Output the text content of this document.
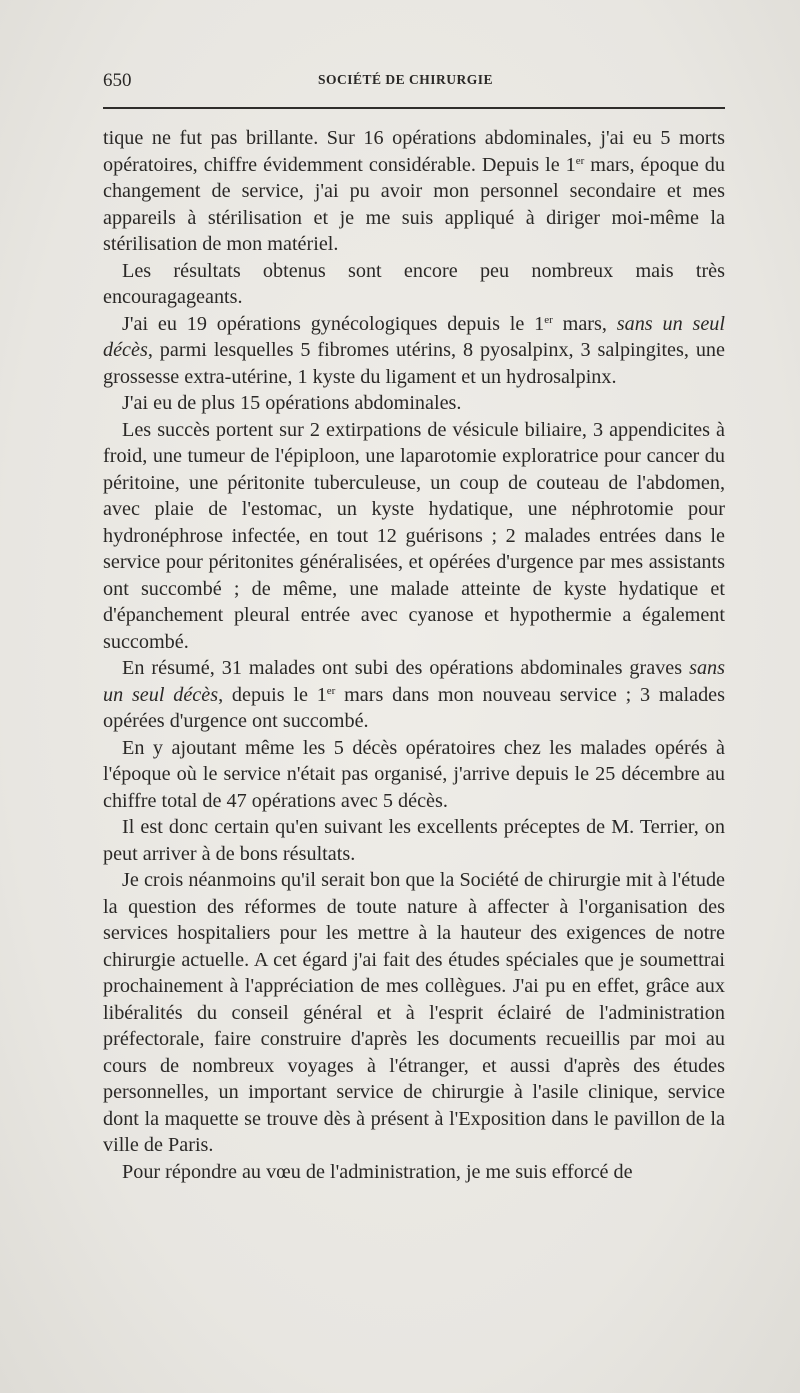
650	SOCIÉTÉ DE CHIRURGIE

tique ne fut pas brillante. Sur 16 opérations abdominales, j'ai eu 5 morts opératoires, chiffre évidemment considérable. Depuis le 1er mars, époque du changement de service, j'ai pu avoir mon personnel secondaire et mes appareils à stérilisation et je me suis appliqué à diriger moi-même la stérilisation de mon matériel.

Les résultats obtenus sont encore peu nombreux mais très encouragageants.

J'ai eu 19 opérations gynécologiques depuis le 1er mars, sans un seul décès, parmi lesquelles 5 fibromes utérins, 8 pyosalpinx, 3 salpingites, une grossesse extra-utérine, 1 kyste du ligament et un hydrosalpinx.

J'ai eu de plus 15 opérations abdominales.

Les succès portent sur 2 extirpations de vésicule biliaire, 3 appendicites à froid, une tumeur de l'épiploon, une laparotomie exploratrice pour cancer du péritoine, une péritonite tuberculeuse, un coup de couteau de l'abdomen, avec plaie de l'estomac, un kyste hydatique, une néphrotomie pour hydronéphrose infectée, en tout 12 guérisons ; 2 malades entrées dans le service pour péritonites généralisées, et opérées d'urgence par mes assistants ont succombé ; de même, une malade atteinte de kyste hydatique et d'épanchement pleural entrée avec cyanose et hypothermie a également succombé.

En résumé, 31 malades ont subi des opérations abdominales graves sans un seul décès, depuis le 1er mars dans mon nouveau service ; 3 malades opérées d'urgence ont succombé.

En y ajoutant même les 5 décès opératoires chez les malades opérés à l'époque où le service n'était pas organisé, j'arrive depuis le 25 décembre au chiffre total de 47 opérations avec 5 décès.

Il est donc certain qu'en suivant les excellents préceptes de M. Terrier, on peut arriver à de bons résultats.

Je crois néanmoins qu'il serait bon que la Société de chirurgie mit à l'étude la question des réformes de toute nature à affecter à l'organisation des services hospitaliers pour les mettre à la hauteur des exigences de notre chirurgie actuelle. A cet égard j'ai fait des études spéciales que je soumettrai prochainement à l'appréciation de mes collègues. J'ai pu en effet, grâce aux libéralités du conseil général et à l'esprit éclairé de l'administration préfectorale, faire construire d'après les documents recueillis par moi au cours de nombreux voyages à l'étranger, et aussi d'après des études personnelles, un important service de chirurgie à l'asile clinique, service dont la maquette se trouve dès à présent à l'Exposition dans le pavillon de la ville de Paris.

Pour répondre au vœu de l'administration, je me suis efforcé de
